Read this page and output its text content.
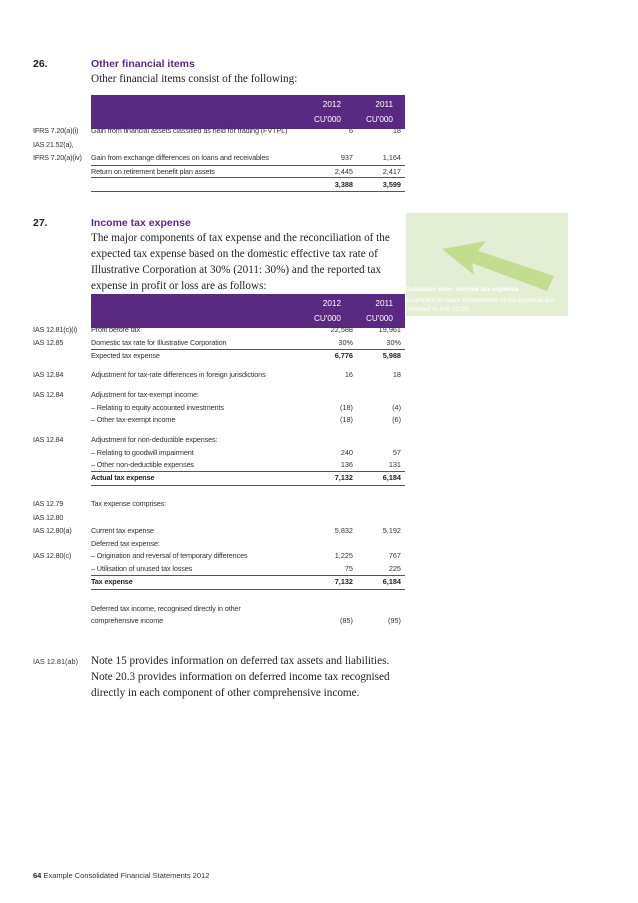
26.	Other financial items
Other financial items consist of the following:
2012	2011
CU'000	CU'000
IFRS 7.20(a)(i)	Gain from financial assets classified as held for trading (FVTPL)	6	18
IAS 21.52(a),
IFRS 7.20(a)(iv)	Gain from exchange differences on loans and receivables	937	1,164
Return on retirement benefit plan assets	2,445	2,417
3,388	3,599
27.	Income tax expense
The major components of tax expense and the reconciliation of the
expected tax expense based on the domestic effective tax rate of
Illustrative Corporation at 30% (2011: 30%) and the reported tax
expense in profit or loss are as follows:	Guidance note: Income tax expense
Examples of major components of tax expense are included in IAS 12.80.
2012	2011
CU'000	CU'000
IAS 12.81(c)(i)	Profit before tax	22,588	19,961
IAS 12.85	Domestic tax rate for Illustrative Corporation	30%	30%
Expected tax expense	6,776	5,988
IAS 12.84	Adjustment for tax-rate differences in foreign jurisdictions	16	18
IAS 12.84	Adjustment for tax-exempt income:
– Relating to equity accounted investments	(18)	(4)
– Other tax-exempt income	(18)	(6)
IAS 12.84	Adjustment for non-deductible expenses:
– Relating to goodwill impairment	240	57
– Other non-deductible expenses	136	131
Actual tax expense	7,132	6,184
IAS 12.79	Tax expense comprises:
IAS 12.80
IAS 12.80(a)	Current tax expense	5,832	5,192
Deferred tax expense:
IAS 12.80(c)	– Origination and reversal of temporary differences	1,225	767
– Utilisation of unused tax losses	75	225
Tax expense	7,132	6,184
Deferred tax income, recognised directly in other
comprehensive income	(85)	(95)
IAS 12.81(ab) Note 15 provides information on deferred tax assets and liabilities.
Note 20.3 provides information on deferred income tax recognised
directly in each component of other comprehensive income.
64 Example Consolidated Financial Statements 2012
